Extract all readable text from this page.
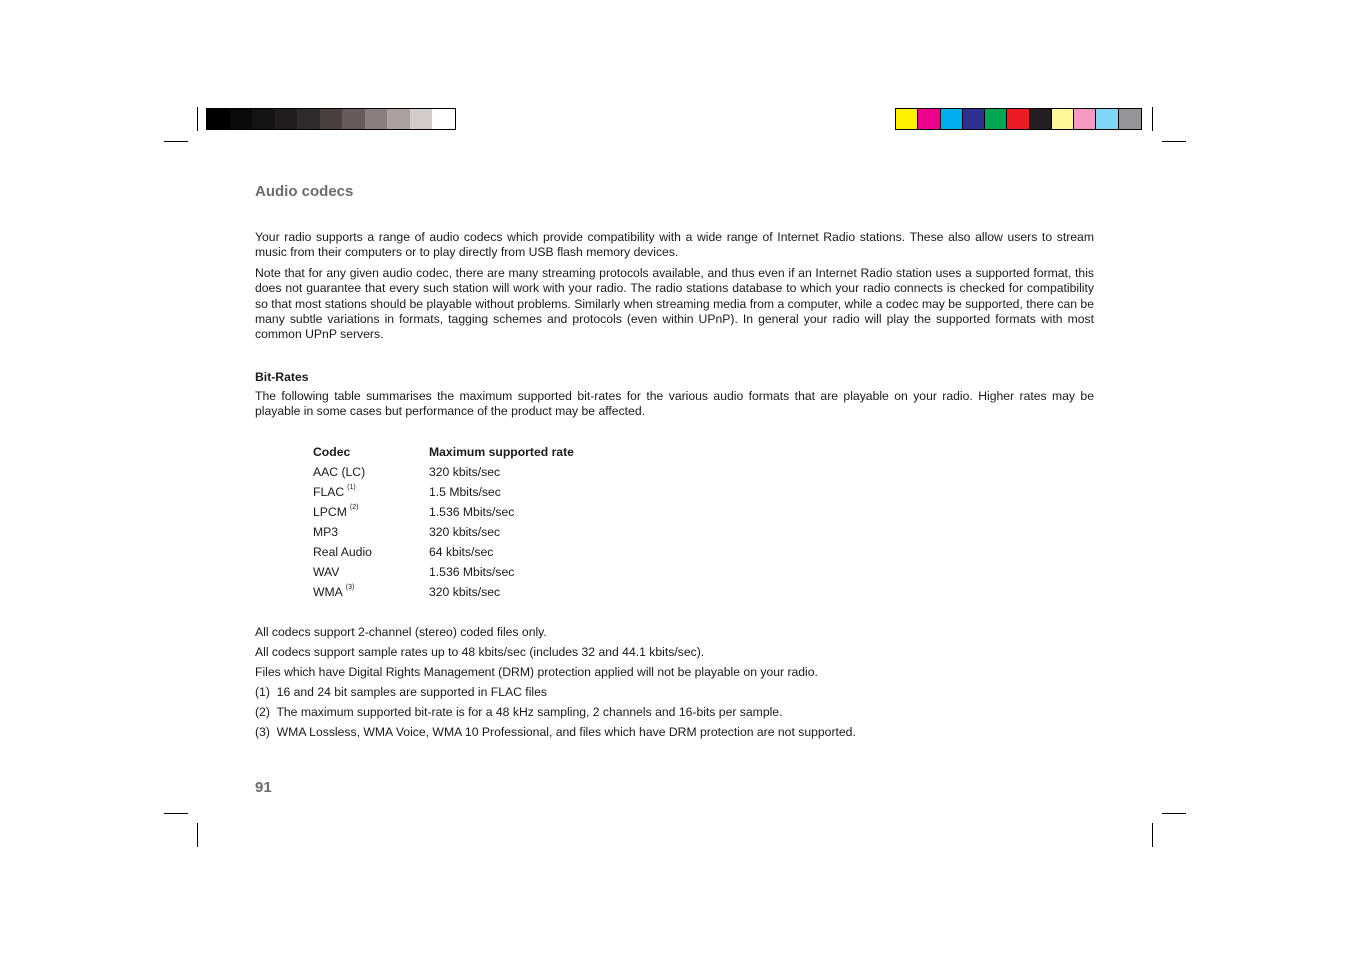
Audio codecs

Your radio supports a range of audio codecs which provide compatibility with a wide range of Internet Radio stations. These also allow users to stream music from their computers or to play directly from USB flash memory devices.

Note that for any given audio codec, there are many streaming protocols available, and thus even if an Internet Radio station uses a supported format, this does not guarantee that every such station will work with your radio. The radio stations database to which your radio connects is checked for compatibility so that most stations should be playable without problems. Similarly when streaming media from a computer, while a codec may be supported, there can be many subtle variations in formats, tagging schemes and protocols (even within UPnP). In general your radio will play the supported formats with most common UPnP servers.

Bit-Rates

The following table summarises the maximum supported bit-rates for the various audio formats that are playable on your radio. Higher rates may be playable in some cases but performance of the product may be affected.

Codec	Maximum supported rate
AAC (LC)	320 kbits/sec
FLAC $^{(1)}$	1.5 Mbits/sec
LPCM $^{(2)}$	1.536 Mbits/sec
MP3	320 kbits/sec
Real Audio	64 kbits/sec
WAV	1.536 Mbits/sec
WMA $^{(3)}$	320 kbits/sec
All codecs support 2-channel (stereo) coded files only.
All codecs support sample rates up to 48 kbits/sec (includes 32 and 44.1 kbits/sec).
Files which have Digital Rights Management (DRM) protection applied will not be playable on your radio.
(1)  16 and 24 bit samples are supported in FLAC files
(2)  The maximum supported bit-rate is for a 48 kHz sampling, 2 channels and 16-bits per sample.
(3)  WMA Lossless, WMA Voice, WMA 10 Professional, and files which have DRM protection are not supported.
91
